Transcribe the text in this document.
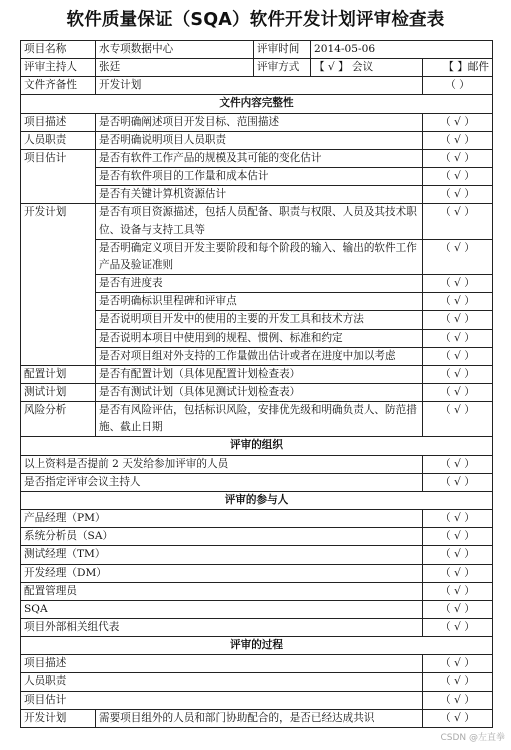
软件质量保证（SQA）软件开发计划评审检查表
项目名称	水专项数据中心	评审时间	2014-05-06	
评审主持人	张廷	评审方式	【 √ 】 会议	【 】邮件
文件齐备性	开发计划			（ ）
文件内容完整性				
项目描述	是否明确阐述项目开发目标、范围描述			（ √ ）
人员职责	是否明确说明项目人员职责			（ √ ）
项目估计	是否有软件工作产品的规模及其可能的变化估计			（ √ ）
	是否有软件项目的工作量和成本估计			（ √ ）
	是否有关键计算机资源估计			（ √ ）
开发计划	是否有项目资源描述，包括人员配备、职责与权限、人员及其技术职位、设备与支持工具等			（ √ ）
	是否明确定义项目开发主要阶段和每个阶段的输入、输出的软件工作产品及验证准则			（ √ ）
	是否有进度表			（ √ ）
	是否明确标识里程碑和评审点			（ √ ）
	是否说明项目开发中的使用的主要的开发工具和技术方法			（ √ ）
	是否说明本项目中使用到的规程、惯例、标准和约定			（ √ ）
	是否对项目组对外支持的工作量做出估计或者在进度中加以考虑			（ √ ）
配置计划	是否有配置计划（具体见配置计划检查表）			（ √ ）
测试计划	是否有测试计划（具体见测试计划检查表）			（ √ ）
风险分析	是否有风险评估，包括标识风险，安排优先级和明确负责人、防范措施、截止日期			（ √ ）
评审的组织				
以上资料是否提前 2 天发给参加评审的人员				（ √ ）
是否指定评审会议主持人				（ √ ）
评审的参与人				
产品经理（PM）				（ √ ）
系统分析员（SA）				（ √ ）
测试经理（TM）				（ √ ）
开发经理（DM）				（ √ ）
配置管理员				（ √ ）
SQA				（ √ ）
项目外部相关组代表				（ √ ）
评审的过程				
项目描述				（ √ ）
人员职责				（ √ ）
项目估计				（ √ ）
开发计划	需要项目组外的人员和部门协助配合的，是否已经达成共识			（ √ ）
CSDN @左直拳
